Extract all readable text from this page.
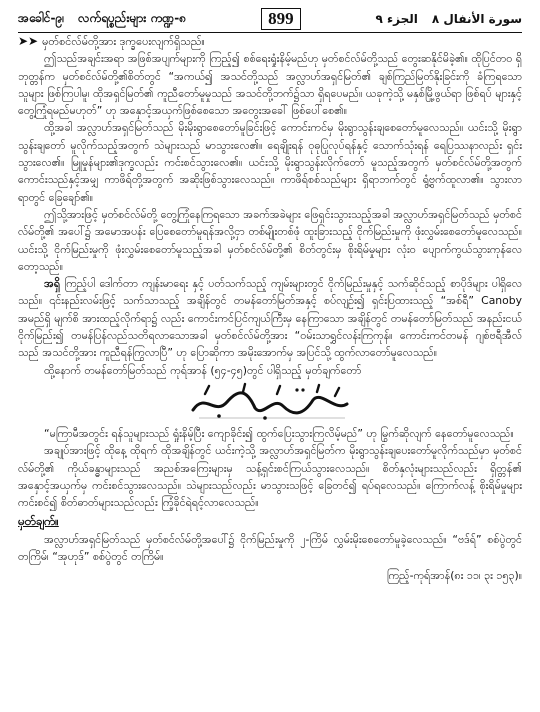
အခေါင်-၉၊ လက်ရပ္စည်းများ ကဏ္ဍ-၈	899	الجزء ٩ سورة الأنفال ٨

➤➤ မှတ်စင်လ်မ်တို့အား ဒုက္ခပေးလျက်ရှိသည်။

ဤသည်အချင်းအရာ အဖြစ်အပျက်များကို ကြည့်၍ စစ်ရေးရှုံးနိမ့်မည်ဟု မှတ်စင်လ်မ်တို့သည် တွေးဆနိုင်မိခဲ့၏။ ထိုပြင်တဝ ရှိဘုတ္တန်က မှတ်စင်လ်မ်တို့၏စိတ်တွင် “အကယ်၍ အသင်တို့သည် အလ္လာဟ်အရှင်မြတ်၏ ချစ်ကြည်မြတ်နိုးခြင်းကို ခံကြရသောသူများ ဖြစ်ကြပါမူ၊ ထိုအရှင်မြတ်၏ ကူညီတော်မူမှုသည် အသင်တို့ဘက်၌သာ ရှိရပေမည်။ ယခုကဲ့သို့ မနှစ်မြို့ဖွယ်ရာ ဖြစ်ရပ် များနှင့် တွေ့ကြုံရမည်မဟုတ်” ဟု အနှောင့်အယှက်ဖြစ်စေသော အတွေးအခေါ် ဖြစ်ပေါ်စေ၏။

ထို့အခါ အလ္လာဟ်အရှင်မြတ်သည် မိုးမိုးရွာစေတော်မူခြင်းဖြင့် ကောင်းကင်မှ မိုးရွာသွန်းချစေတော်မူလေသည်။ ယင်းသို့ မိုးရွာသွန်းချတော် မူလိုက်သည့်အတွက် သဲများသည် မာသွားလေ၏။ ရေချိုးရန် ဝုဓုပြုလုပ်ရန်နှင့် သောက်သုံးရန် ရေပြဿနာလည်း ရှင်းသွားလေ၏။ မြူမှုန်များ၏ဒုက္ခလည်း ကင်းစင်သွားလေ၏။ ယင်းသို့ မိုးရွာသွန်းလိုက်တော် မူသည့်အတွက် မှတ်စင်လ်မ်တို့အတွက် ကောင်းသည်နှင့်အမျှ ကာဖိရ်တို့အတွက် အဆိုးဖြစ်သွားလေသည်။ ကာဖိရ်စစ်သည်များ ရှိရာဘက်တွင် ရွံ့ဗွက်ထူလာ၏။ သွားလာရာတွင် ခြေချော်၏။

ဤသို့အားဖြင့် မှတ်စင်လ်မ်တို့ တွေ့ကြုံနေကြရသော အခက်အခဲများ ဖြေရှင်းသွားသည့်အခါ အလ္လာဟ်အရှင်မြတ်သည် မှတ်စင်လ်မ်တို့၏ အပေါ်၌ အမောအပန်း ပြေစေတော်မူရန်အလို့ငှာ တစ်မျိုးတစ်ဖုံ ထူးခြားသည့် ငိုက်မြည်းမှုကို ဖုံးလွှမ်းစေတော်မူလေသည်။ ယင်းသို့ ငိုက်မြည်းမှုကို ဖုံးလွှမ်းစေတော်မူသည့်အခါ မှတ်စင်လ်မ်တို့၏ စိတ်တွင်းမှ စိုးရိမ်မှုများ လုံးဝ ပျောက်ကွယ်သွားကုန်လေတော့သည်။

အရှိ ကြည့်ပါ ဒေါက်တာ ကျန်းမာရေး နှင့် ပတ်သက်သည့် ကျမ်းများတွင် ငိုက်မြည်းမှုနှင့် သက်ဆိုင်သည့် စာပိုဒ်များ ပါရှိလေသည်။ ၎င်းနည်းလမ်းဖြင့် သက်သာသည့် အချိန်တွင် တမန်တော်မြတ်အနှင့် စပ်လျဉ်း၍ ရှင်းပြထားသည့် “အစ်ရီ” Canoby အမည်ရှိ မျက်စိ အားထည့်လိုက်ရာ၌ လည်း ကောင်းကင်ပြင်ကျယ်ကြီးမှ နေကြာသော အချိန်တွင် တမန်တော်မြတ်သည် အနည်းငယ်ငိုက်မြည်း၍ တမန်ပြန်လည်သတိရလာသောအခါ မှတ်စင်လ်မ်တို့အား “ဝမ်းသာရွှင်လန်းကြကုန်။ ကောင်းကင်တမန် ဂျစ်ဗရီအီလ်သည် အသင်တို့အား ကူညီရန်ကြွလာပြီ” ဟု ပြောဆိုကာ အမိုးအောက်မှ အပြင်သို့ ထွက်လာတော်မူလေသည်။

ထို့နောက် တမန်တော်မြတ်သည် ကုရ်အာန် (၅၄-၄၅)တွင် ပါရှိသည့် မှတ်ချက်တော်

“မကြာမီအတွင်း ရန်သူများသည် ရှုံးနိမ့်ပြီး ကျောခိုင်း၍ ထွက်ပြေးသွားကြလိမ့်မည်” ဟု မြွက်ဆိုလျက် နေတော်မူလေသည်။

အချုပ်အားဖြင့် ထိုနေ့ ထိုရက် ထိုအချိန်တွင် ယင်းကဲ့သို့ အလ္လာဟ်အရှင်မြတ်က မိုးရွာသွန်းချပေးတော်မူလိုက်သည်မှာ မှတ်စင်လ်မ်တို့၏ ကိုယ်ခန္ဓာများသည် အညစ်အကြေးများမှ သန့်ရှင်းစင်ကြယ်သွားလေသည်။ စိတ်နှလုံးများသည်လည်း ရှိတ္တန်၏ အနှောင့်အယှက်မှ ကင်းစင်သွားလေသည်။ သဲများသည်လည်း မာသွားသဖြင့် ခြေတင်၍ ရပ်ရလေသည်။ ကြောက်လန့် စိုးရိမ်မှုများ ကင်းစင်၍ စိတ်ဓာတ်များသည်လည်း ကြံ့ခိုင်ရဲရင့်လာလေသည်။

မှတ်ချက်။

အလ္လာဟ်အရှင်မြတ်သည် မှတ်စင်လ်မ်တို့အပေါ်၌ ငိုက်မြည်းမှုကို ၂-ကြိမ် လွှမ်းမိုးစေတော်မူခဲ့လေသည်။ “ဗဒ်ရ်” စစ်ပွဲတွင် တကြိမ်၊ “အုဟုဒ်” စစ်ပွဲတွင် တကြိမ်။

ကြည့်-ကုရ်အာန်(၈း ၁၁၊ ၃း ၁၅၃)။
